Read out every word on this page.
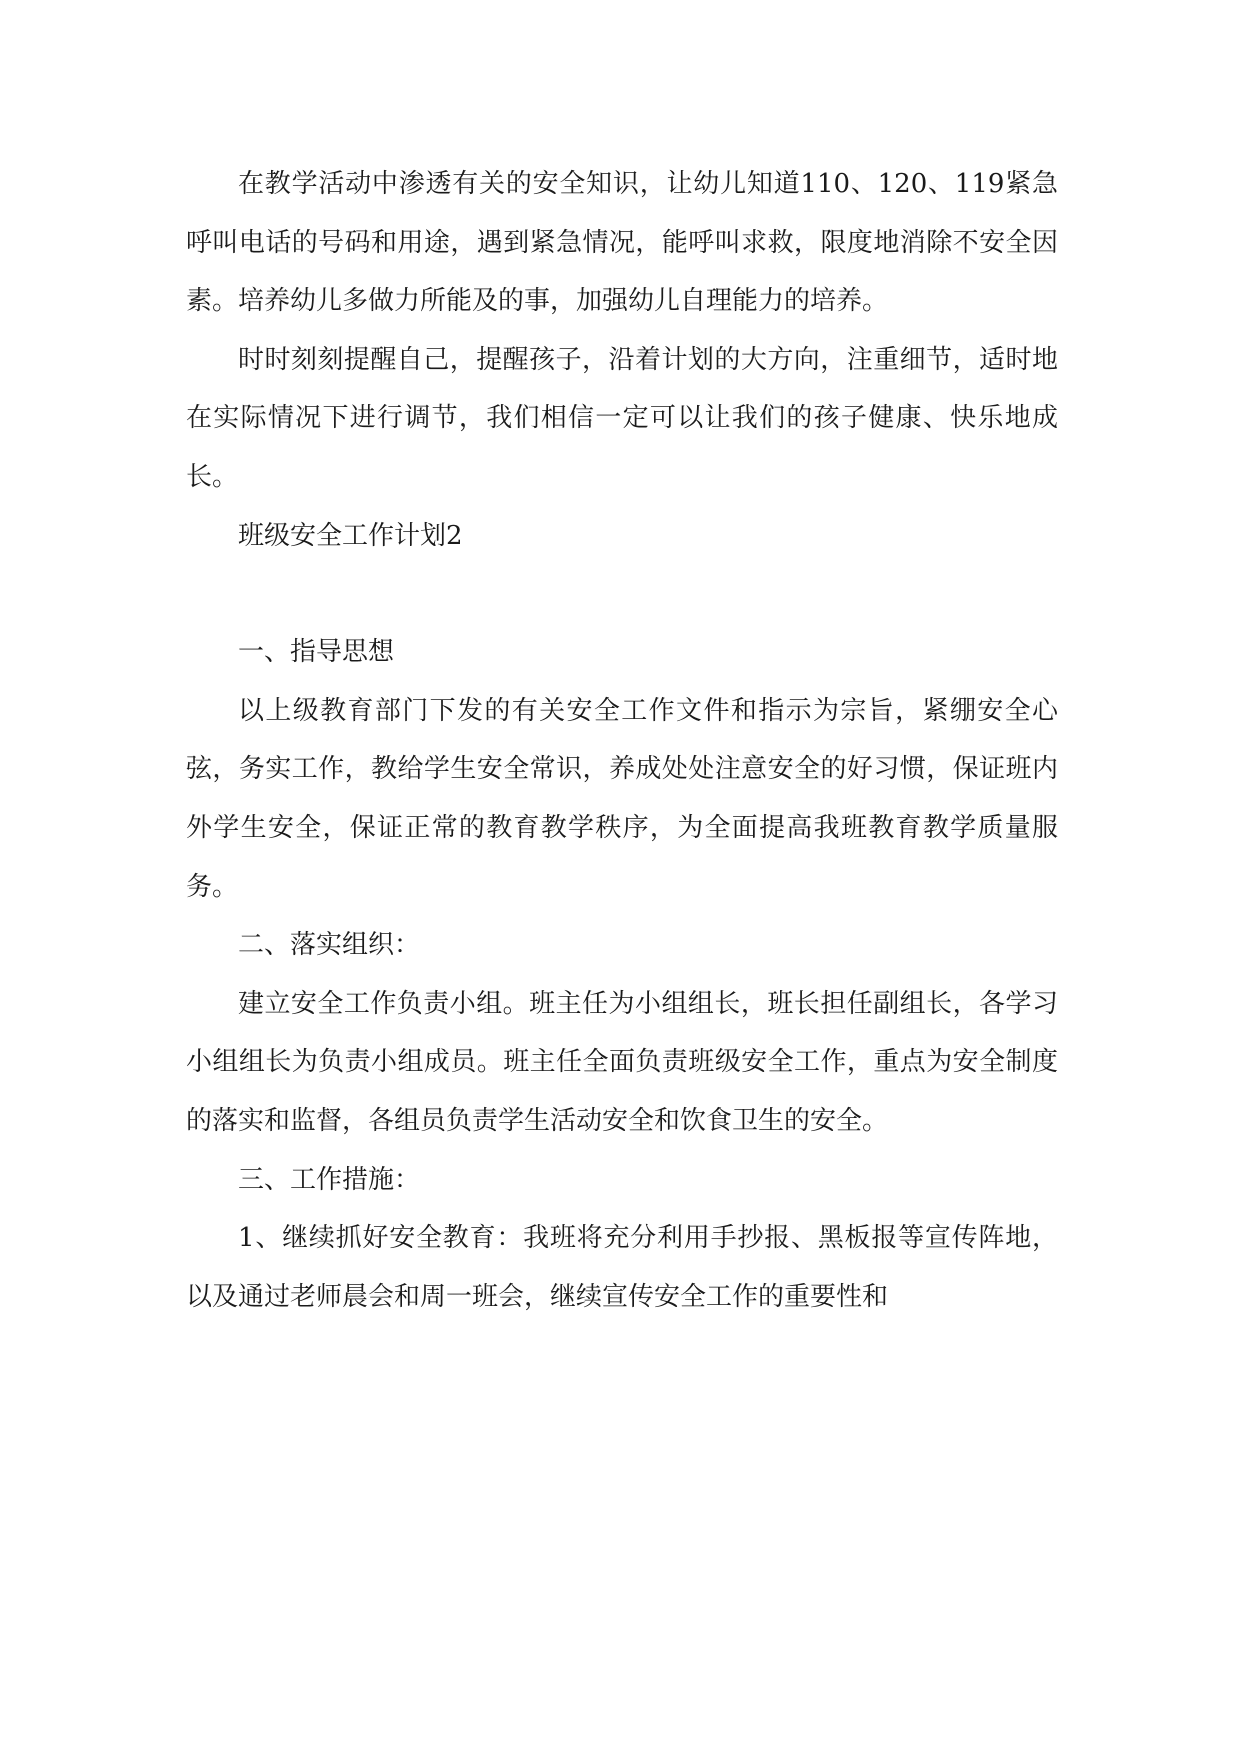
在教学活动中渗透有关的安全知识，让幼儿知道110、120、119紧急呼叫电话的号码和用途，遇到紧急情况，能呼叫求救，限度地消除不安全因素。培养幼儿多做力所能及的事，加强幼儿自理能力的培养。

时时刻刻提醒自己，提醒孩子，沿着计划的大方向，注重细节，适时地在实际情况下进行调节，我们相信一定可以让我们的孩子健康、快乐地成长。

班级安全工作计划2

一、指导思想

以上级教育部门下发的有关安全工作文件和指示为宗旨，紧绷安全心弦，务实工作，教给学生安全常识，养成处处注意安全的好习惯，保证班内外学生安全，保证正常的教育教学秩序，为全面提高我班教育教学质量服务。

二、落实组织：

建立安全工作负责小组。班主任为小组组长，班长担任副组长，各学习小组组长为负责小组成员。班主任全面负责班级安全工作，重点为安全制度的落实和监督，各组员负责学生活动安全和饮食卫生的安全。

三、工作措施：

1、继续抓好安全教育：我班将充分利用手抄报、黑板报等宣传阵地，以及通过老师晨会和周一班会，继续宣传安全工作的重要性和
